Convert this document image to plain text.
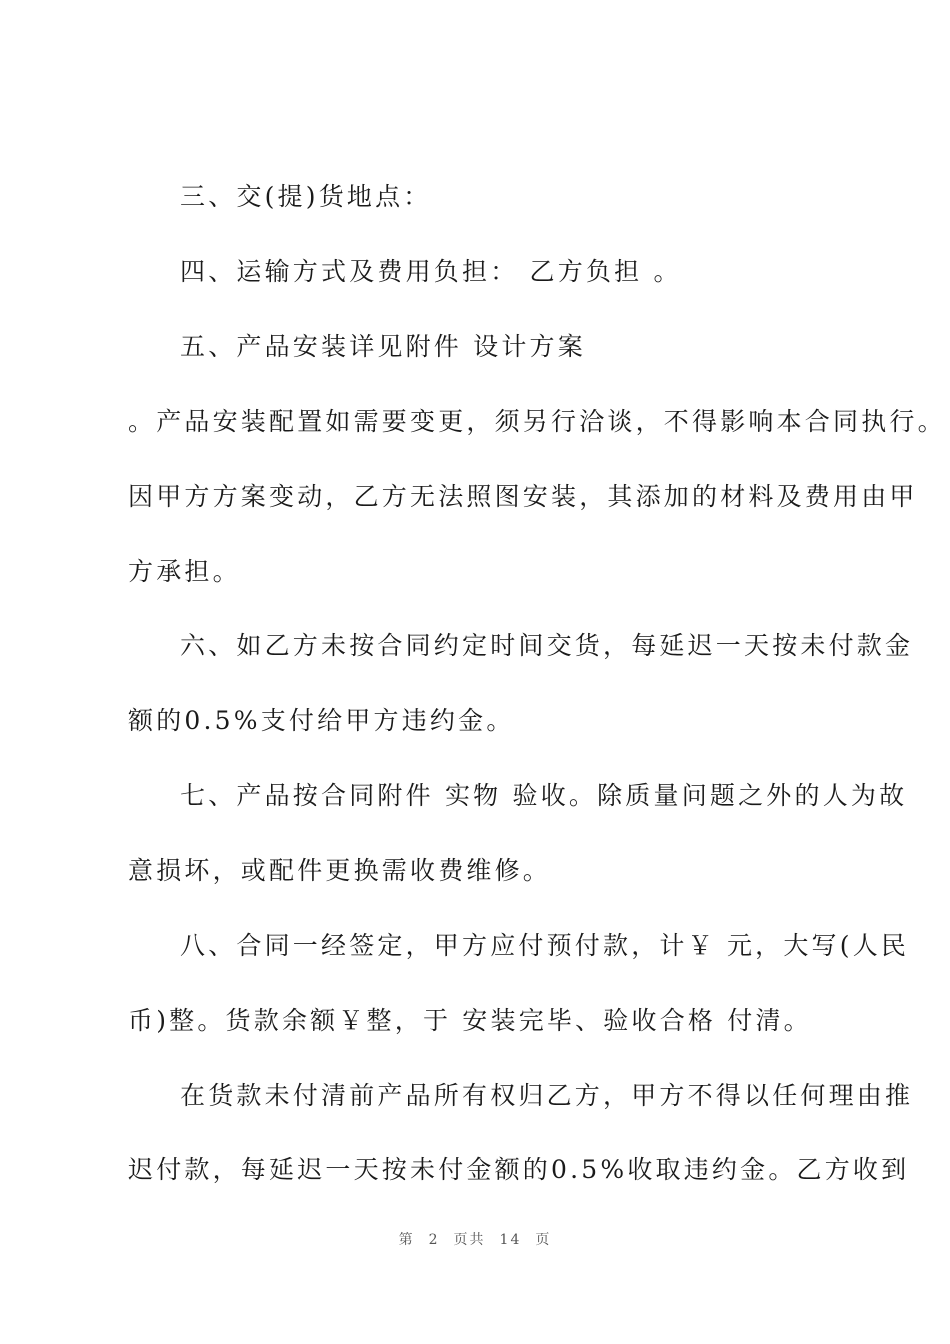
三、交(提)货地点：
四、运输方式及费用负担： 乙方负担 。
五、产品安装详见附件 设计方案
。产品安装配置如需要变更，须另行洽谈，不得影响本合同执行。
因甲方方案变动，乙方无法照图安装，其添加的材料及费用由甲
方承担。
六、如乙方未按合同约定时间交货，每延迟一天按未付款金
额的0.5%支付给甲方违约金。
七、产品按合同附件 实物 验收。除质量问题之外的人为故
意损坏，或配件更换需收费维修。
八、合同一经签定，甲方应付预付款，计￥ 元，大写(人民
币)整。货款余额￥整，于 安装完毕、验收合格 付清。
在货款未付清前产品所有权归乙方，甲方不得以任何理由推
迟付款，每延迟一天按未付金额的0.5%收取违约金。乙方收到
第 2 页共 14 页
